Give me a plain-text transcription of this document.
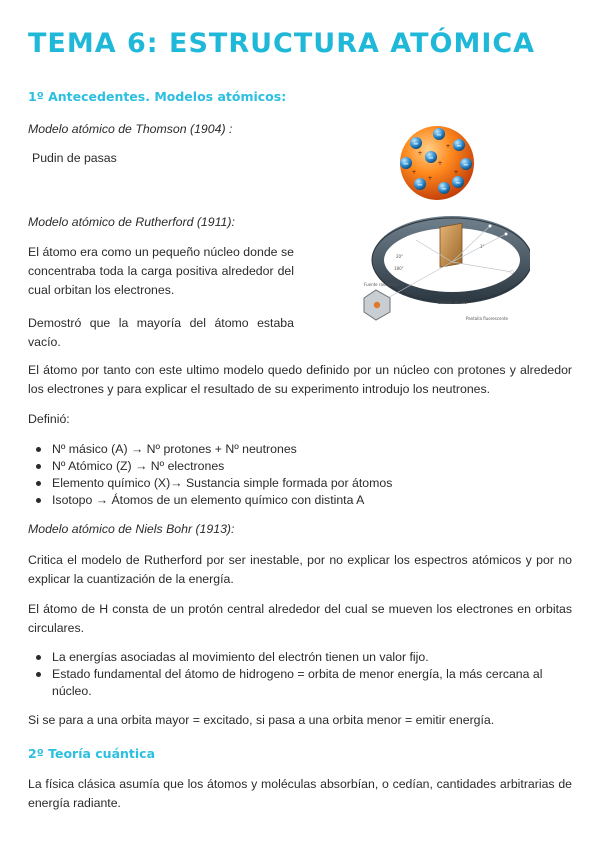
TEMA 6: ESTRUCTURA ATÓMICA
1º Antecedentes. Modelos atómicos:

Modelo atómico de Thomson (1904) :

Pudin de pasas	+
+
+
+
+
+
−
−
−
−
−
−
−	−
−

Modelo atómico de Rutherford (1911):

180°
20°
1°
Fuente radiactiva
Pantalla fluorescente
Lámina de oro

El átomo era como un pequeño núcleo donde se concentraba toda la carga positiva alrededor del cual orbitan los electrones.

Demostró que la mayoría del átomo estaba vacío.

El átomo por tanto con este ultimo modelo quedo definido por un núcleo con protones y alrededor los electrones y para explicar el resultado de su experimento introdujo los neutrones.

Definió:

Nº másico (A) → Nº protones + Nº neutrones
Nº Atómico (Z) → Nº electrones
Elemento químico (X)→ Sustancia simple formada por átomos
Isotopo → Átomos de un elemento químico con distinta A

Modelo atómico de Niels Bohr (1913):

Critica el modelo de Rutherford por ser inestable, por no explicar los espectros atómicos y por no explicar la cuantización de la energía.

El átomo de H consta de un protón central alrededor del cual se mueven los electrones en orbitas circulares.

La energías asociadas al movimiento del electrón tienen un valor fijo.
Estado fundamental del átomo de hidrogeno = orbita de menor energía, la más cercana al núcleo.

Si se para a una orbita mayor = excitado, si pasa a una orbita menor = emitir energía.

2º Teoría cuántica

La física clásica asumía que los átomos y moléculas absorbían, o cedían, cantidades arbitrarias de energía radiante.
